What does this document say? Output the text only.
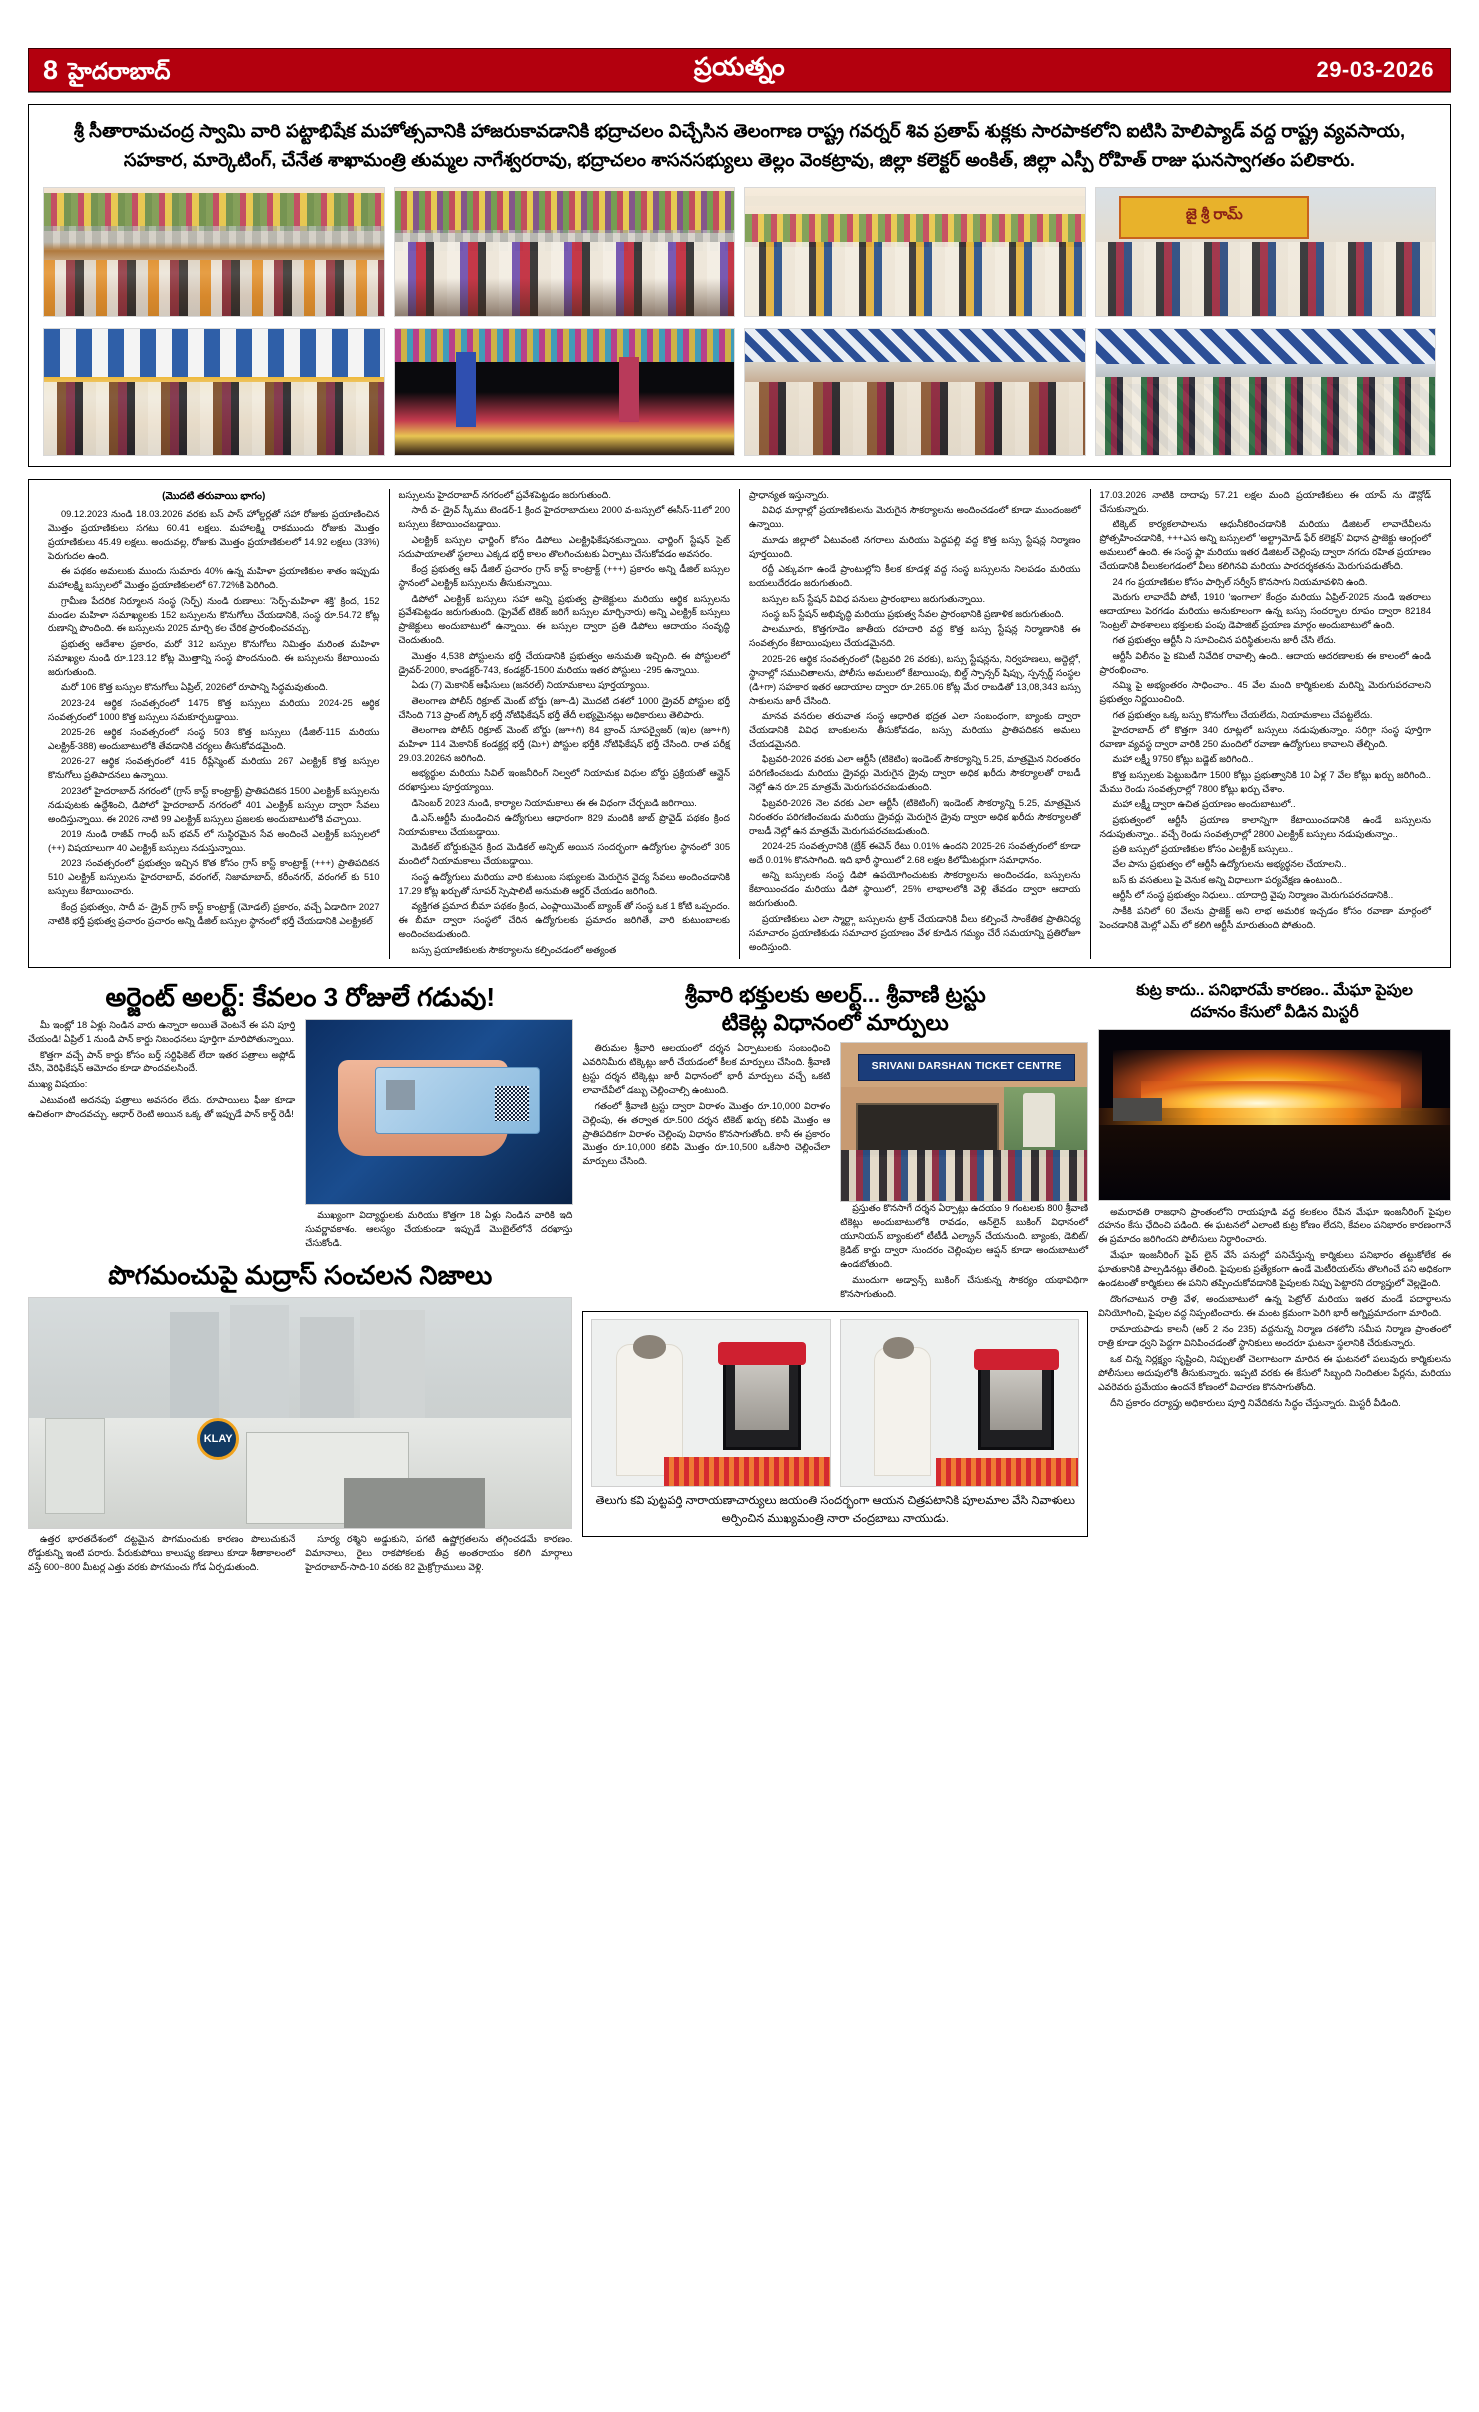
8 హైదరాబాద్	ప్రయత్నం	29-03-2026
శ్రీ సీతారామచంద్ర స్వామి వారి పట్టాభిషేక మహోత్సవానికి హాజరుకావడానికి భద్రాచలం విచ్చేసిన తెలంగాణ రాష్ట్ర గవర్నర్ శివ ప్రతాప్ శుక్లకు సారపాకలోని ఐటిసి హెలిప్యాడ్ వద్ద రాష్ట్ర వ్యవసాయ, సహకార, మార్కెటింగ్, చేనేత శాఖామంత్రి తుమ్మల నాగేశ్వరరావు, భద్రాచలం శాసనసభ్యులు తెల్లం వెంకట్రావు, జిల్లా కలెక్టర్ అంకిత్, జిల్లా ఎస్పీ రోహిత్ రాజు ఘనస్వాగతం పలికారు.
జై శ్రీ రామ్
(మొదటి తరువాయి భాగం)

09.12.2023 నుండి 18.03.2026 వరకు బస్ పాస్ హోల్డర్లతో సహా రోజుకు ప్రయాణించిన మొత్తం ప్రయాణికులు సగటు 60.41 లక్షలు. మహాలక్ష్మి రాకముందు రోజుకు మొత్తం ప్రయాణికులు 45.49 లక్షలు. అందువల్ల, రోజుకు మొత్తం ప్రయాణికులలో 14.92 లక్షలు (33%) పెరుగుదల ఉంది.

ఈ పథకం అమలుకు ముందు సుమారు 40% ఉన్న మహిళా ప్రయాణికుల శాతం ఇప్పుడు మహాలక్ష్మి బస్సులలో మొత్తం ప్రయాణికులలో 67.72%కి పెరిగింది.

గ్రామీణ పేదరిక నిర్మూలన సంస్థ (సెర్ప్) నుండి రుణాలు: 'సెర్ప్-మహిళా శక్తి' క్రింద, 152 మండల మహిళా సమాఖ్యలకు 152 బస్సులను కొనుగోలు చేయడానికి, సంస్థ రూ.54.72 కోట్ల రుణాన్ని పొందింది. ఈ బస్సులను 2025 మార్చి కల చేరిక ప్రారంభించవచ్చు.

ప్రభుత్వ ఆదేశాల ప్రకారం, మరో 312 బస్సుల కొనుగోలు నిమిత్తం మరింత మహిళా సమాఖ్యల నుండి రూ.123.12 కోట్ల మొత్తాన్ని సంస్థ పొందనుంది. ఈ బస్సులను కేటాయించు జరుగుతుంది.

మరో 106 కొత్త బస్సుల కొనుగోలు ఏప్రిల్, 2026లో రూపాన్ని సిద్ధమవుతుంది.

2023-24 ఆర్థిక సంవత్సరంలో 1475 కొత్త బస్సులు మరియు 2024-25 ఆర్థిక సంవత్సరంలో 1000 కొత్త బస్సులు సమకూర్చబడ్డాయి.

2025-26 ఆర్థిక సంవత్సరంలో సంస్థ 503 కొత్త బస్సులు (డీజిల్-115 మరియు ఎలక్ట్రిక్-388) అందుబాటులోకి తేవడానికి చర్యలు తీసుకోవడమైంది.

2026-27 ఆర్థిక సంవత్సరంలో 415 రీప్లేస్మెంట్ మరియు 267 ఎలక్ట్రిక్ కొత్త బస్సుల కొనుగోలు ప్రతిపాదనలు ఉన్నాయి.

2023లో హైదరాబాద్ నగరంలో (గ్రాస్ కాస్ట్ కాంట్రాక్ట్) ప్రాతిపదికన 1500 ఎలక్ట్రిక్ బస్సులను నడుపుటకు ఉద్దేశించి, డిపోలో హైదరాబాద్ నగరంలో 401 ఎలక్ట్రిక్ బస్సుల ద్వారా సేవలు అందిస్తున్నాయి. ఈ 2026 నాటి 99 ఎలక్ట్రిక్ బస్సులు ప్రజలకు అందుబాటులోకి వచ్చాయి.

2019 నుండి రాజీవ్ గాంధీ బస్ భవన్ లో సుస్థిరమైన సేవ అందించే ఎలక్ట్రిక్ బస్సులలో (++) విషయాలుగా 40 ఎలక్ట్రిక్ బస్సులు నడుస్తున్నాయి.

2023 సంవత్సరంలో ప్రభుత్వం ఇచ్చిన కొత కోసం గ్రాస్ కాస్ట్ కాంట్రాక్ట్ (+++) ప్రాతిపదికన 510 ఎలక్ట్రిక్ బస్సులను హైదరాబాద్, వరంగల్, నిజామాబాద్, కరీంనగర్, వరంగల్ కు 510 బస్సులు కేటాయించారు.

కేంద్ర ప్రభుత్వం, సాదీ వ- డ్రైవ్ గ్రాస్ కాస్ట్ కాంట్రాక్ట్ (మోడల్) ప్రకారం, వచ్చే ఏడాదిగా 2027 నాటికి భర్తీ ప్రభుత్వ ప్రచారం ప్రచారం అన్ని డీజిల్ బస్సుల స్థానంలో భర్తీ చేయడానికి ఎలక్ట్రికల్

బస్సులను హైదరాబాద్ నగరంలో ప్రవేశపెట్టడం జరుగుతుంది.

సాదీ వ- డ్రైవ్ స్కీము టెండర్-1 క్రింద హైదరాబాదులు 2000 వ-బస్సులో ఈసీస్-11లో 200 బస్సులు కేటాయించబడ్డాయి.

ఎలక్ట్రిక్ బస్సుల ఛార్జింగ్ కోసం డిపోలు ఎలక్ట్రిఫికేషనకున్నాయి. ఛార్జింగ్ స్టేషన్ సైట్ సదుపాయాలతో స్థలాలు ఎక్కడ భర్తీ కాలం తొలగించుటకు ఏర్పాటు చేసుకోవడం అవసరం.

కేంద్ర ప్రభుత్వ ఆఫ్ డీజిల్ ప్రచారం గ్రాస్ కాస్ట్ కాంట్రాక్ట్ (+++) ప్రకారం అన్ని డీజిల్ బస్సుల స్థానంలో ఎలక్ట్రిక్ బస్సులను తీసుకున్నాయి.

డిపోలో ఎలక్ట్రిక్ బస్సులు సహా అన్ని ప్రభుత్వ ప్రాజెక్టులు మరియు ఆర్థిక బస్సులను ప్రవేశపెట్టడం జరుగుతుంది. (ప్రైవేట్ టికెట్ జరిగే బస్సుల మార్చినారు) అన్ని ఎలక్ట్రిక్ బస్సులు ప్రాజెక్టులు అందుబాటులో ఉన్నాయి. ఈ బస్సుల ద్వారా ప్రతి డిపోలు ఆదాయం సంవృద్ధి చెందుతుంది.

మొత్తం 4,538 పోస్టులను భర్తీ చేయడానికి ప్రభుత్వం అనుమతి ఇచ్చింది. ఈ పోస్టులలో డ్రైవర్-2000, కాండక్టర్-743, కండక్టర్-1500 మరియు ఇతర పోస్టులు -295 ఉన్నాయి.

ఏడు (7) మెకానిక్ ఆఫీసులు (జనరల్) నియామకాలు పూర్తయ్యాయి.

తెలంగాణ పోలీస్ రిక్రూట్ మెంట్ బోర్డు (జూ-డి) మొదటి దశలో 1000 డ్రైవర్ పోస్టుల భర్తీ చేసింది 713 ప్రాంట్ స్కోర్ భర్తీ నోటిఫికేషన్ భర్తీ తేదీ లభ్యమైనట్లు అధికారులు తెలిపారు.

తెలంగాణ పోలీస్ రిక్రూట్ మెంట్ బోర్డు (జూ+గి) 84 బ్రాంచ్ సూపర్వైజర్ (ఇ)ల (జూ+గి) మహిళా 114 మెకానిక్ కండక్టర్ల భర్తీ (మి+) పోస్టుల భర్తీకి నోటిఫికేషన్ భర్తీ చేసింది. రాత పరీక్ష 29.03.2026న జరిగింది.

అభ్యర్థుల మరియు సివిల్ ఇంజనీరింగ్ నిల్వలో నియామక విధుల బోర్డు ప్రక్రియతో ఆన్లైన్ దరఖాస్తులు పూర్తయ్యాయి.

డిసెంబర్ 2023 నుండి, కార్యాల నియామకాలు ఈ ఈ విధంగా చేర్చబడి జరిగాయి.

డి.ఎస్.ఆర్టీసీ మండించిన ఉద్యోగులు ఆధారంగా 829 మందికి జాబ్ ప్రొవైడ్ పథకం క్రింద నియామకాలు చేయబడ్డాయి.

మెడికల్ బోర్డుకునైన క్రింద మెడికల్ అన్ఫిట్ అయిన సందర్భంగా ఉద్యోగుల స్థానంలో 305 మందిలో నియామకాలు చేయబడ్డాయి.

సంస్థ ఉద్యోగులు మరియు వారి కుటుంబ సభ్యులకు మెరుగైన వైద్య సేవలు అందించడానికి 17.29 కోట్ల ఖర్చుతో సూపర్ స్పెషాలిటీ అనుమతి ఆర్డర్ చేయడం జరిగింది.

వ్యక్తిగత ప్రమాద బీమా పథకం క్రింద, ఎంప్లాయిమెంట్ బ్యాంక్ తో సంస్థ ఒక 1 కోటి ఒప్పందం. ఈ బీమా ద్వారా సంస్థలో చేరిన ఉద్యోగులకు ప్రమాదం జరిగితే, వారి కుటుంబాలకు అందించబడుతుంది.

బస్సు ప్రయాణికులకు సౌకర్యాలను కల్పించడంలో అత్యంత

ప్రాధాన్యత ఇస్తున్నారు.

వివిధ మార్గాల్లో ప్రయాణికులను మెరుగైన సౌకర్యాలను అందించడంలో కూడా ముందంజలో ఉన్నాయి.

మూడు జిల్లాలో ఏటువంటి నగరాలు మరియు పెద్దపల్లి వద్ద కొత్త బస్సు స్టేషన్ల నిర్మాణం పూర్తయింది.

రద్దీ ఎక్కువగా ఉండే ప్రాంటుల్లోని కీలక కూడళ్ల వద్ద సంస్థ బస్సులను నిలపడం మరియు బయలుదేరడం జరుగుతుంది.

బస్సుల బస్ స్టేషన్ వివిధ పనులు ప్రారంభాలు జరుగుతున్నాయి.

సంస్థ బస్ స్టేషన్ అభివృద్ధి మరియు ప్రభుత్వ సేవల ప్రారంభానికి ప్రణాళిక జరుగుతుంది.

పాలమూరు, కొత్తగూడెం జాతీయ రహదారి వద్ద కొత్త బస్సు స్టేషన్ల నిర్మాణానికి ఈ సంవత్సరం కేటాయింపులు చేయడమైనది.

2025-26 ఆర్థిక సంవత్సరంలో (ఫిబ్రవరి 26 వరకు), బస్సు స్టేషన్లను, నిర్వహణలు, అద్దెల్లో, స్థానాల్లో సముచితాలను, పోలీసు అమలులో కేటాయింపు, బిల్డ్ స్పాన్సర్ షిప్సు, స్పన్సర్డ్ సంస్థల (డి+గా) సహకార ఇతర ఆదాయాల ద్వారా రూ.265.06 కోట్ల మేర రాబడితో 13,08,343 బస్సు సాకులను జారీ చేసింది.

మానవ వనరుల తరువాత సంస్థ ఆధారిత భద్రత ఎలా సంబంధంగా, బ్యాంకు ద్వారా చేయడానికి వివిధ బాంకులను తీసుకోవడం, బస్సు మరియు ప్రాతిపదికన అమలు చేయడమైనది.

ఫిబ్రవరి-2026 వరకు ఎలా ఆర్టీసీ (టికెటిం) ఇండెంట్ సౌకర్యాన్ని 5.25, మాత్రమైన నిరంతరం పరిగణించబడు మరియు డ్రైవర్లు మెరుగైన డ్రైవు ద్వారా అధిక ఖరీదు సౌకర్యాలతో రాబడీ నెల్లో ఉన రూ.25 మాత్రమే మెరుగుపరచబడుతుంది.

ఫిబ్రవరి-2026 నెల వరకు ఎలా ఆర్టీసీ (టికెటింగ్) ఇండెంట్ సౌకర్యాన్ని 5.25, మాత్రమైన నిరంతరం పరిగణించబడు మరియు డ్రైవర్లు మెరుగైన డ్రైవు ద్వారా అధిక ఖరీదు సౌకర్యాలతో రాబడీ నెల్లో ఉన మాత్రమే మెరుగుపరచబడుతుంది.

2024-25 సంవత్సరానికి (బ్రేక్ ఈవెన్ రేటు 0.01% ఉందని 2025-26 సంవత్సరంలో కూడా అదే 0.01% కొనసాగింది. ఇది భారీ స్థాయిలో 2.68 లక్షల కిలోమీటర్లుగా సమాధానం.

అన్ని బస్సులకు సంస్థ డిపో ఉపయోగించుటకు సౌకర్యాలను అందించడం, బస్సులను కేటాయించడం మరియు డిపో స్థాయిలో, 25% లాభాలలోకి వెళ్లి తేవడం ద్వారా ఆదాయ జరుగుతుంది.

ప్రయాణికులు ఎలా స్మార్ట్గా బస్సులను ట్రాక్ చేయడానికి వీలు కల్పించే సాంకేతిక ప్రాతినిధ్య సమాచారం ప్రయాణికుడు సమాచార ప్రయాణం వేళ కూడిన గమ్యం చేరే సమయాన్ని ప్రతిరోజూ అందిస్తుంది.

17.03.2026 నాటికి దాదాపు 57.21 లక్షల మంది ప్రయాణికులు ఈ యాప్ ను డౌన్లోడ్ చేసుకున్నారు.

టిక్కెట్ కార్యకలాపాలను ఆధునీకరించడానికి మరియు డిజిటల్ లావాదేవీలను ప్రోత్సహించడానికి, +++ఎస అన్ని బస్సులలో 'అల్ట్రామోడ్ ఫేర్ కలెక్షన్' విధాన ప్రాజెక్టు ఆంగ్లంలో అమలులో ఉంది. ఈ సంస్థ ఫ్లా మరియు ఇతర డిజిటల్ చెల్లింపు ద్వారా నగదు రహిత ప్రయాణం చేయడానికి వీలుకలగడంలో వీలు కలిగినవి మరియు పారదర్శకతను మెరుగుపడుతోంది.

24 గం ప్రయాణికుల కోసం పార్సిల్ సర్వీస్ కొనసాగు నియమావళిని ఉంది.

మెరుగు లావాదేవీ పోటీ, 1910 'ఇంగాలా' కేంద్రం మరియు ఏప్రిల్-2025 నుండి ఇతరాలు ఆదాయాలు పెరగడం మరియు అనుకూలంగా ఉన్న బస్సు సందర్భాల రూపం ద్వారా 82184 'సెంట్రల్' పాఠశాలలు భక్తులకు పంపు డెపాజిట్ ప్రయాణ మార్గం అందుబాటులో ఉంది.

గత ప్రభుత్వం ఆర్టీసీ ని సూచించిన పరిస్థితులను జారీ చేసి లేదు.

ఆర్టీసీ విలీనం పై కమిటీ నివేదిక రావాల్సి ఉంది.. ఆదాయ ఆదరణాలకు ఈ కాలంలో ఉండి ప్రారంభించాం.

నమ్మి పై అభ్యంతరం సాధించాం.. 45 వేల మంది కార్మికులకు మరిన్ని మెరుగుపరచాలని ప్రభుత్వం నిర్ణయించింది.

గత ప్రభుత్వం ఒక్క బస్సు కొనుగోలు చేయలేదు, నియామకాలు చేపట్టలేదు.

హైదరాబాద్ లో కొత్తగా 340 రూట్లలో బస్సులు నడుపుతున్నాం. సరిగ్గా సంస్థ పూర్తిగా రవాణా వ్యవస్థ ద్వారా వారికి 250 మందిలో రవాణా ఉద్యోగులు కావాలని తేల్చింది.

మహా లక్ష్మీ 9750 కోట్లు బడ్జెట్ జరిగింది..

కొత్త బస్సులకు పెట్టుబడిగా 1500 కోట్లు ప్రభుత్వానికి 10 ఏళ్ల 7 వేల కోట్లు ఖర్చు జరిగింది.. మేము రెండు సంవత్సరాల్లో 7800 కోట్లు ఖర్చు చేశాం.

మహా లక్ష్మీ ద్వారా ఉచిత ప్రయాణం అందుబాటులో..

ప్రభుత్వంలో ఆర్టీసీ ప్రయాణ కాలాన్నిగా కేటాయించడానికి ఉండే బస్సులను నడుపుతున్నాం.. వచ్చే రెండు సంవత్సరాల్లో 2800 ఎలక్ట్రిక్ బస్సులు నడుపుతున్నాం..

ప్రతి బస్సులో ప్రయాణికుల కోసం ఎలక్ట్రిక్ బస్సులు..

వేల పాసు ప్రభుత్వం లో ఆర్టీసీ ఉద్యోగులను అభ్యర్థనల చేయాలని..

బస్ కు వసతులు పై వెనుక అన్ని విధాలుగా పర్యవేక్షణ ఉంటుంది..

ఆర్టీసీ లో సంస్థ ప్రభుత్వం నిధులు.. యాదాద్రి వైపు నిర్మాణం మెరుగుపరచడానికి..

సాకీకి పనిలో 60 వేలను ప్రాజెక్ట్ అని లాభ అమరిక ఇచ్చడం కోసం రవాణా మార్గంలో పెంచడానికి మెల్లో ఎమ్ లో కలిగి ఆర్టీసీ మారుతుంది పోతుంది.

అర్జెంట్ అలర్ట్: కేవలం 3 రోజులే గడువు!

మీ ఇంట్లో 18 ఏళ్లు నిండిన వారు ఉన్నారా అయితే వెంటనే ఈ పని పూర్తి చేయండి! ఏప్రిల్ 1 నుండి పాన్ కార్డు నిబంధనలు పూర్తిగా మారిపోతున్నాయి.

కొత్తగా వచ్చే పాన్ కార్డు కోసం బర్త్ సర్టిఫికెట్ లేదా ఇతర పత్రాలు అప్లోడ్ చేసి, వెరిఫికేషన్ ఆమోదం కూడా పొందవలసిందే.

ముఖ్య విషయం:

ఎటువంటి అదనపు పత్రాలు అవసరం లేదు. రూపాయిలు ఫీజు కూడా ఉచితంగా పొందవచ్చు. ఆధార్ రెంటి అయిన ఒక్క తో ఇప్పుడే పాన్ కార్డ్ రెడీ!

ముఖ్యంగా విద్యార్థులకు మరియు కొత్తగా 18 ఏళ్లు నిండిన వారికి ఇది సువర్ణావకాశం. ఆలస్యం చేయకుండా ఇప్పుడే మొబైల్‌లోనే దరఖాస్తు చేసుకోండి.
పొగమంచుపై మద్రాస్ సంచలన నిజాలు
KLAY

ఉత్తర భారతదేశంలో దట్టమైన పొగమంచుకు కారణం పొలుచుకునే రోడ్డుకున్ని ఇంటి పరారు. పేరుకుపోయి కాలుష్య కణాలు కూడా శీతాకాలంలో వస్తే 600~800 మీటర్ల ఎత్తు వరకు పొగమంచు గోడ ఏర్పడుతుంది.

సూర్య రశ్మిని అడ్డుకుని, పగటి ఉష్ణోగ్రతలను తగ్గించడమే కారణం. విమానాలు, రైలు రాకపోకలకు తీవ్ర అంతరాయం కలిగి మార్గాలు హైదరాబాద్-సాది-10 వరకు 82 మైక్రోగ్రాములు వెళ్లి.

శ్రీవారి భక్తులకు అలర్ట్... శ్రీవాణి ట్రస్టు
టికెట్ల విధానంలో మార్పులు

తిరుమల శ్రీవారి ఆలయంలో దర్శన ఏర్పాటులకు సంబంధించి ఎవరినిమీరు టిక్కెట్లు జారీ చేయడంలో కీలక మార్పులు చేసింది. శ్రీవాణి ట్రస్టు దర్శన టిక్కెట్లు జారీ విధానంలో భారీ మార్పులు వచ్చే ఒకటి లావాదేవీలో డబ్బు చెల్లించాల్సి ఉంటుంది.

గతంలో శ్రీవాణి ట్రస్టు ద్వారా విరాళం మొత్తం రూ.10,000 విరాళం చెల్లింపు, ఈ తర్వాత రూ.500 దర్శన టికెట్ ఖర్చు కలిపి మొత్తం ఆ ప్రాతిపదికగా విరాళం చెల్లింపు విధానం కొనసాగుతోంది. కానీ ఈ ప్రకారం మొత్తం రూ.10,000 కలిపి మొత్తం రూ.10,500 ఒకేసారి చెల్లించేలా మార్పులు చేసింది.

SRIVANI DARSHAN TICKET CENTRE

ప్రస్తుతం కొనసాగే దర్శన ఏర్పాట్లు ఉదయం 9 గంటలకు 800 శ్రీవాణి టికెట్లు అందుబాటులోకి రావడం, ఆన్‌లైన్ బుకింగ్ విధానంలో యూనియన్ బ్యాంకులో టీటీడీ ఎల్క్రాన్ చేయనుంది. బ్యాంకు, డెబిట్/క్రెడిట్ కార్డు ద్వారా సుందరం చెల్లింపుల ఆప్షన్ కూడా అందుబాటులో ఉండబోతుంది.

ముందుగా అడ్వాన్స్ బుకింగ్ చేసుకున్న సౌకర్యం యథావిధిగా కొనసాగుతుంది.

తెలుగు కవి పుట్టపర్తి నారాయణాచార్యులు జయంతి సందర్భంగా ఆయన చిత్రపటానికి పూలమాల వేసి నివాళులు అర్పించిన ముఖ్యమంత్రి నారా చంద్రబాబు నాయుడు.
కుట్ర కాదు.. పనిభారమే కారణం.. మేఘా పైపుల
దహనం కేసులో వీడిన మిస్టరీ

అమరావతి రాజధాని ప్రాంతంలోని రాయపూడి వద్ద కలకలం రేపిన మేఘా ఇంజనీరింగ్ పైపుల దహనం కేసు ఛేదించి పడింది. ఈ ఘటనలో ఎలాంటి కుట్ర కోణం లేదని, కేవలం పనిభారం కారణంగానే ఈ ప్రమాదం జరిగిందని పోలీసులు నిర్ధారించారు.

మేఘా ఇంజనీరింగ్ పైప్ లైన్ వేసే పనుల్లో పనిచేస్తున్న కార్మికులు పనిభారం తట్టుకోలేక ఈ ఘాతుకానికి పాల్పడినట్లు తేలింది. పైపులకు ప్రత్యేకంగా ఉండే మెటీరియల్‌ను తొలగించే పని అధికంగా ఉండటంతో కార్మికులు ఈ పనిని తప్పించుకోవడానికి పైపులకు నిప్పు పెట్టారని దర్యాప్తులో వెల్లడైంది.

దొంగచాటున రాత్రి వేళ, అందుబాటులో ఉన్న పెట్రోల్ మరియు ఇతర మండే పదార్థాలను వినియోగించి, పైపుల వద్ద నిప్పంటించారు. ఈ మంట క్రమంగా పెరిగి భారీ అగ్నిప్రమాదంగా మారింది.

రామాయపాడు కాలనీ (ఆర్ 2 నం 235) వద్దనున్న నిర్మాణ దశలోని సమీప నిర్మాణ ప్రాంతంలో రాత్రి కూడా ధ్వని పెద్దగా వినిపించడంతో స్థానికులు అందరూ ఘటనా స్థలానికి చేరుకున్నారు.

ఒక చిన్న నిర్లక్ష్యం సృష్టించి, నిప్పులతో చెలగాటంగా మారిన ఈ ఘటనలో పలువురు కార్మికులను పోలీసులు అదుపులోకి తీసుకున్నారు. ఇప్పటి వరకు ఈ కేసులో సిబ్బంది నిందితుల పేర్లను, మరియు ఎవరెవరు ప్రమేయం ఉందనే కోణంలో విచారణ కొనసాగుతోంది.

దీని ప్రకారం దర్యాప్తు అధికారులు పూర్తి నివేదికను సిద్ధం చేస్తున్నారు. మిస్టరీ వీడింది.
